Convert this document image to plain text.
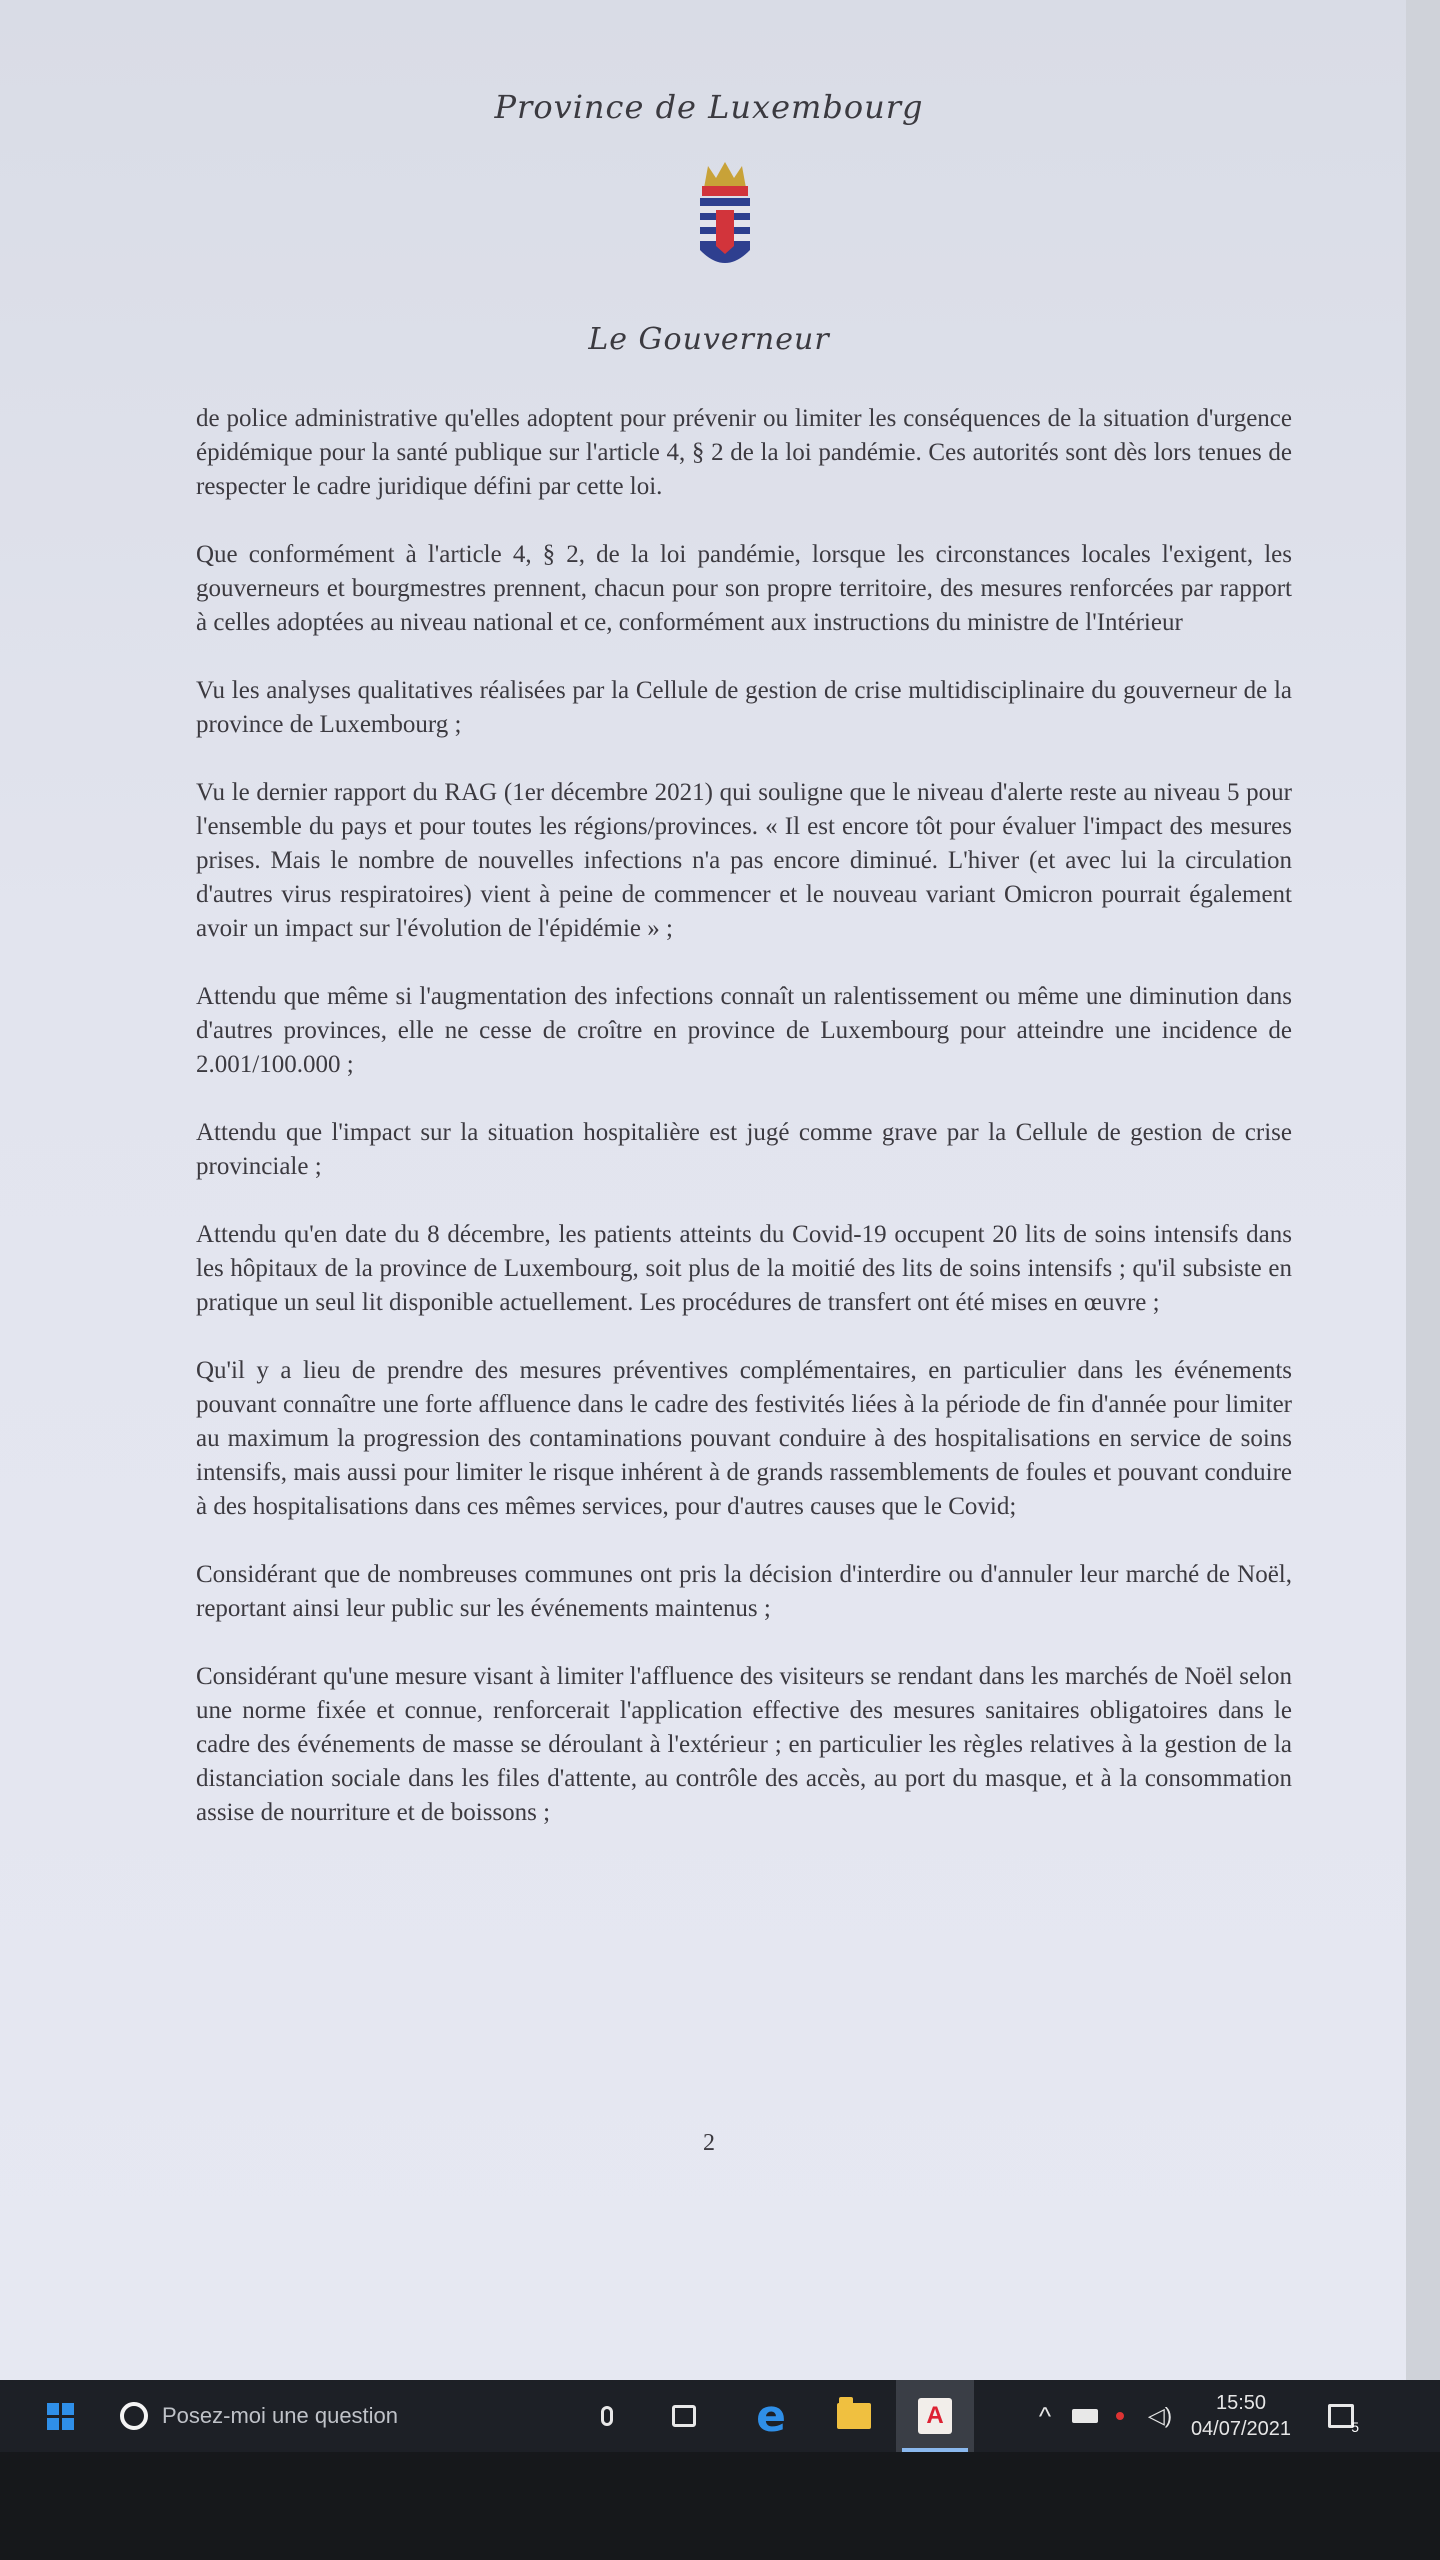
Province de Luxembourg
Le Gouverneur

de police administrative qu'elles adoptent pour prévenir ou limiter les conséquences de la situation d'urgence épidémique pour la santé publique sur l'article 4, § 2 de la loi pandémie. Ces autorités sont dès lors tenues de respecter le cadre juridique défini par cette loi.

Que conformément à l'article 4, § 2, de la loi pandémie, lorsque les circonstances locales l'exigent, les gouverneurs et bourgmestres prennent, chacun pour son propre territoire, des mesures renforcées par rapport à celles adoptées au niveau national et ce, conformément aux instructions du ministre de l'Intérieur

Vu les analyses qualitatives réalisées par la Cellule de gestion de crise multidisciplinaire du gouverneur de la province de Luxembourg ;

Vu le dernier rapport du RAG (1er décembre 2021) qui souligne que le niveau d'alerte reste au niveau 5 pour l'ensemble du pays et pour toutes les régions/provinces. « Il est encore tôt pour évaluer l'impact des mesures prises. Mais le nombre de nouvelles infections n'a pas encore diminué. L'hiver (et avec lui la circulation d'autres virus respiratoires) vient à peine de commencer et le nouveau variant Omicron pourrait également avoir un impact sur l'évolution de l'épidémie » ;

Attendu que même si l'augmentation des infections connaît un ralentissement ou même une diminution dans d'autres provinces, elle ne cesse de croître en province de Luxembourg pour atteindre une incidence de 2.001/100.000 ;

Attendu que l'impact sur la situation hospitalière est jugé comme grave par la Cellule de gestion de crise provinciale ;

Attendu qu'en date du 8 décembre, les patients atteints du Covid-19 occupent 20 lits de soins intensifs dans les hôpitaux de la province de Luxembourg, soit plus de la moitié des lits de soins intensifs ; qu'il subsiste en pratique un seul lit disponible actuellement. Les procédures de transfert ont été mises en œuvre ;

Qu'il y a lieu de prendre des mesures préventives complémentaires, en particulier dans les événements pouvant connaître une forte affluence dans le cadre des festivités liées à la période de fin d'année pour limiter au maximum la progression des contaminations pouvant conduire à des hospitalisations en service de soins intensifs, mais aussi pour limiter le risque inhérent à de grands rassemblements de foules et pouvant conduire à des hospitalisations dans ces mêmes services, pour d'autres causes que le Covid;

Considérant que de nombreuses communes ont pris la décision d'interdire ou d'annuler leur marché de Noël, reportant ainsi leur public sur les événements maintenus ;

Considérant qu'une mesure visant à limiter l'affluence des visiteurs se rendant dans les marchés de Noël selon une norme fixée et connue, renforcerait l'application effective des mesures sanitaires obligatoires dans le cadre des événements de masse se déroulant à l'extérieur ; en particulier les règles relatives à la gestion de la distanciation sociale dans les files d'attente, au contrôle des accès, au port du masque, et à la consommation assise de nourriture et de boissons ;

2
Posez-moi une question	e	A	^	◁)	15:50
04/07/2021	5
